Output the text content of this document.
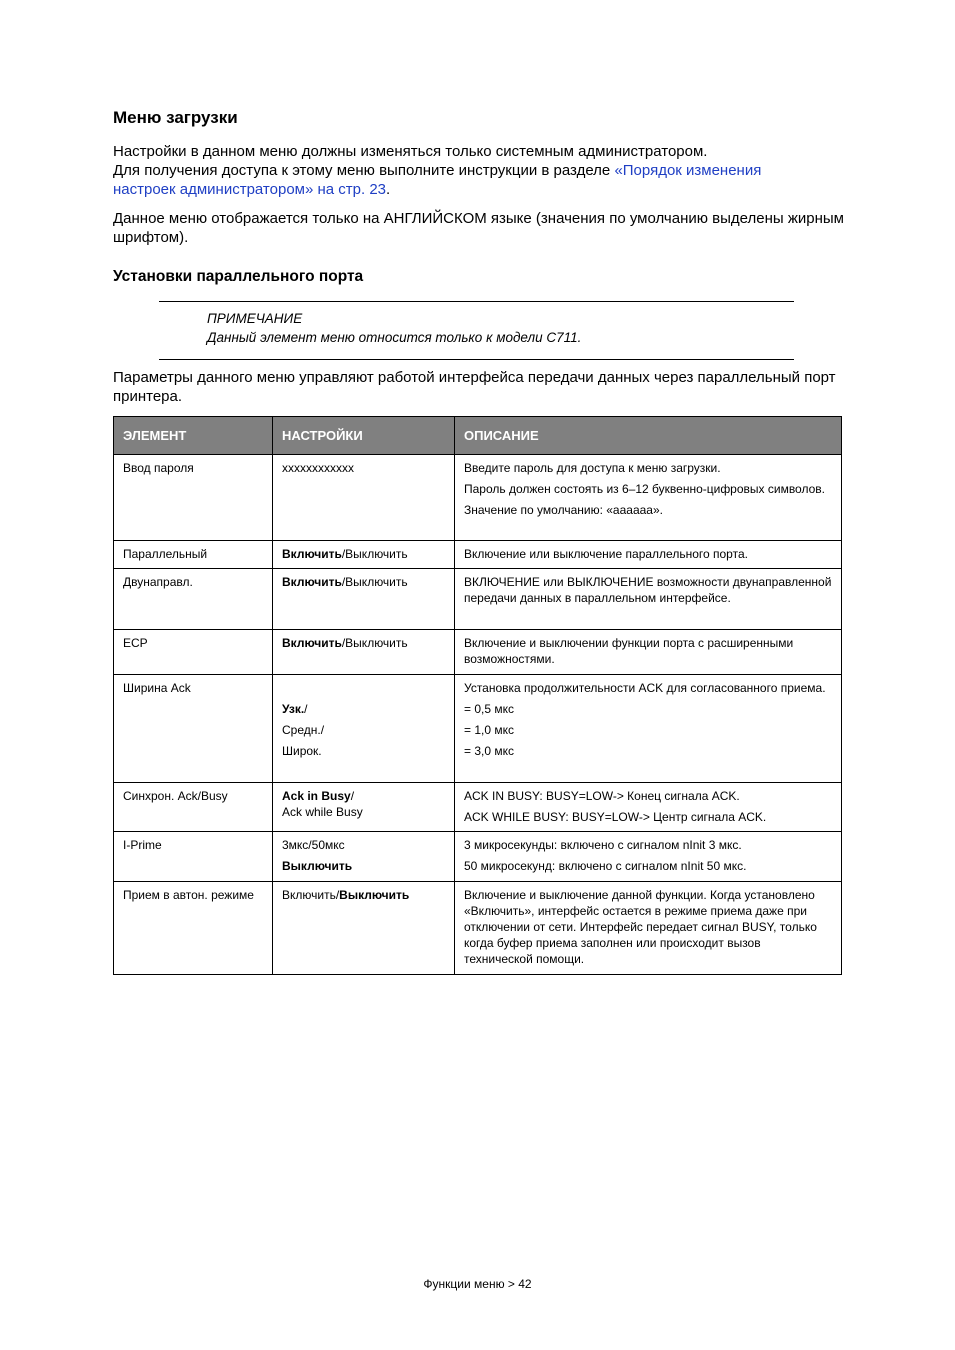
Меню загрузки

Настройки в данном меню должны изменяться только системным администратором.
Для получения доступа к этому меню выполните инструкции в разделе «Порядок изменения
настроек администратором» на стр. 23.

Данное меню отображается только на АНГЛИЙСКОМ языке (значения по умолчанию выделены жирным шрифтом).

Установки параллельного порта
ПРИМЕЧАНИЕ
Данный элемент меню относится только к модели C711.

Параметры данного меню управляют работой интерфейса передачи данных через параллельный порт принтера.

ЭЛЕМЕНТ	НАСТРОЙКИ	ОПИСАНИЕ
Ввод пароля	xxxxxxxxxxxx	Введите пароль для доступа к меню загрузки.
Пароль должен состоять из 6–12 буквенно-цифровых символов.
Значение по умолчанию: «aaaaaa».

Параллельный	Включить/Выключить	Включение или выключение параллельного порта.

Двунаправл.	Включить/Выключить	ВКЛЮЧЕНИЕ или ВЫКЛЮЧЕНИЕ возможности двунаправленной передачи данных в параллельном интерфейсе.

ECP	Включить/Выключить	Включение и выключении функции порта с расширенными возможностями.

Ширина Ack	Узк./
Средн./
Широк.	Установка продолжительности ACK для согласованного приема.
= 0,5 мкс
= 1,0 мкс
= 3,0 мкс

Синхрон. Ack/Busy	Ack in Busy/
Ack while Busy	ACK IN BUSY: BUSY=LOW-> Конец сигнала ACK.
ACK WHILE BUSY: BUSY=LOW-> Центр сигнала ACK.

I-Prime	3мкс/50мкс
Выключить	3 микросекунды: включено с сигналом nInit 3 мкс.
50 микросекунд: включено с сигналом nInit 50 мкс.

Прием в автон. режиме	Включить/Выключить	Включение и выключение данной функции. Когда установлено «Включить», интерфейс остается в режиме приема даже при отключении от сети. Интерфейс передает сигнал BUSY, только когда буфер приема заполнен или происходит вызов технической помощи.
Функции меню > 42
